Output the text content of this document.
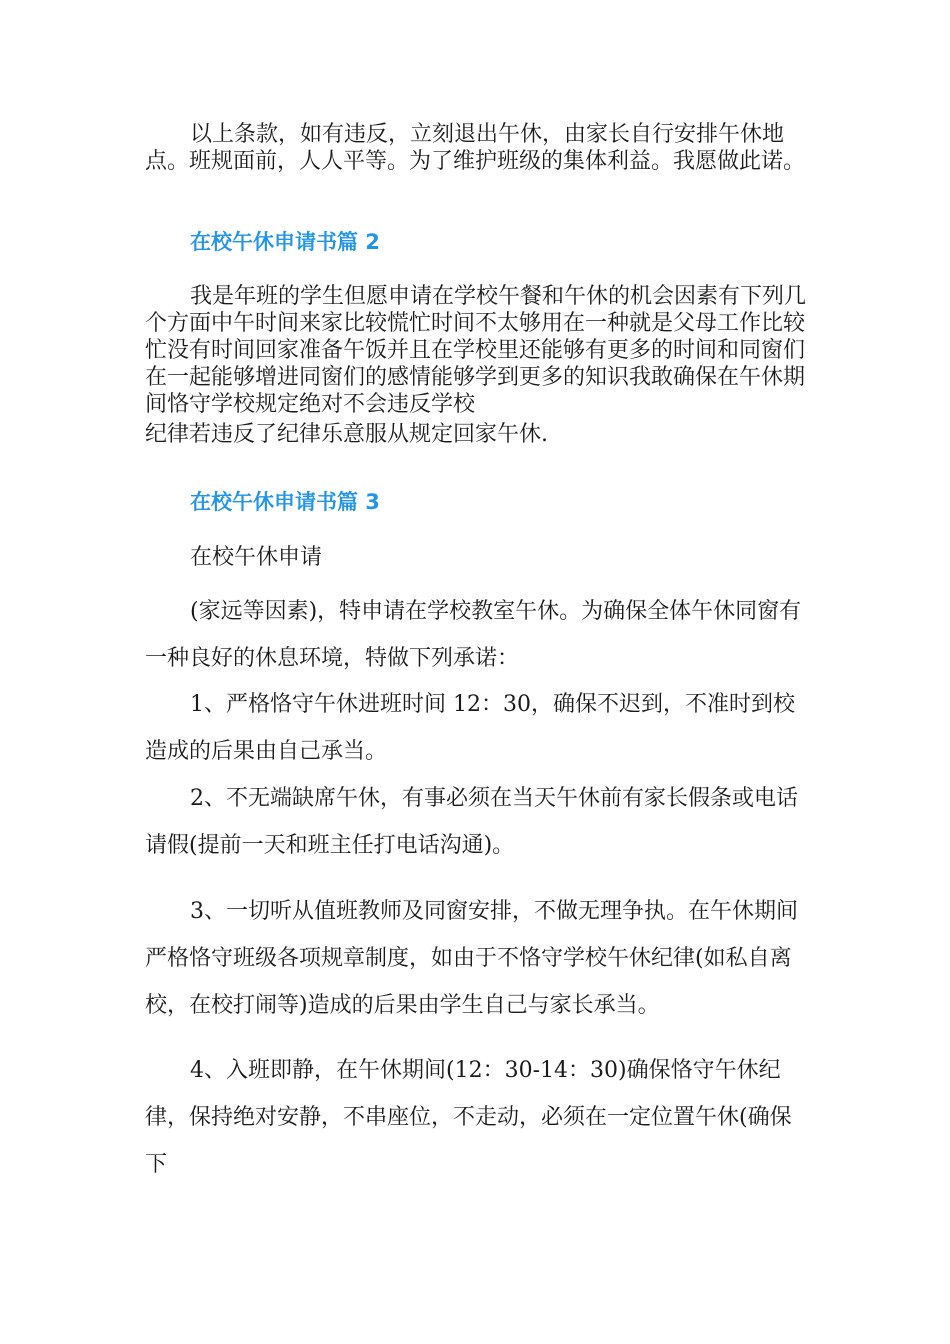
以上条款，如有违反，立刻退出午休，由家长自行安排午休地点。班规面前，人人平等。为了维护班级的集体利益。我愿做此诺。

在校午休申请书篇 2

我是年班的学生但愿申请在学校午餐和午休的机会因素有下列几个方面中午时间来家比较慌忙时间不太够用在一种就是父母工作比较忙没有时间回家准备午饭并且在学校里还能够有更多的时间和同窗们在一起能够增进同窗们的感情能够学到更多的知识我敢确保在午休期间恪守学校规定绝对不会违反学校

纪律若违反了纪律乐意服从规定回家午休.

在校午休申请书篇 3

在校午休申请

(家远等因素)，特申请在学校教室午休。为确保全体午休同窗有一种良好的休息环境，特做下列承诺：

1、严格恪守午休进班时间 12：30，确保不迟到，不准时到校造成的后果由自己承当。

2、不无端缺席午休，有事必须在当天午休前有家长假条或电话请假(提前一天和班主任打电话沟通)。

3、一切听从值班教师及同窗安排，不做无理争执。在午休期间严格恪守班级各项规章制度，如由于不恪守学校午休纪律(如私自离校，在校打闹等)造成的后果由学生自己与家长承当。

4、入班即静，在午休期间(12：30-14：30)确保恪守午休纪律，保持绝对安静，不串座位，不走动，必须在一定位置午休(确保下
